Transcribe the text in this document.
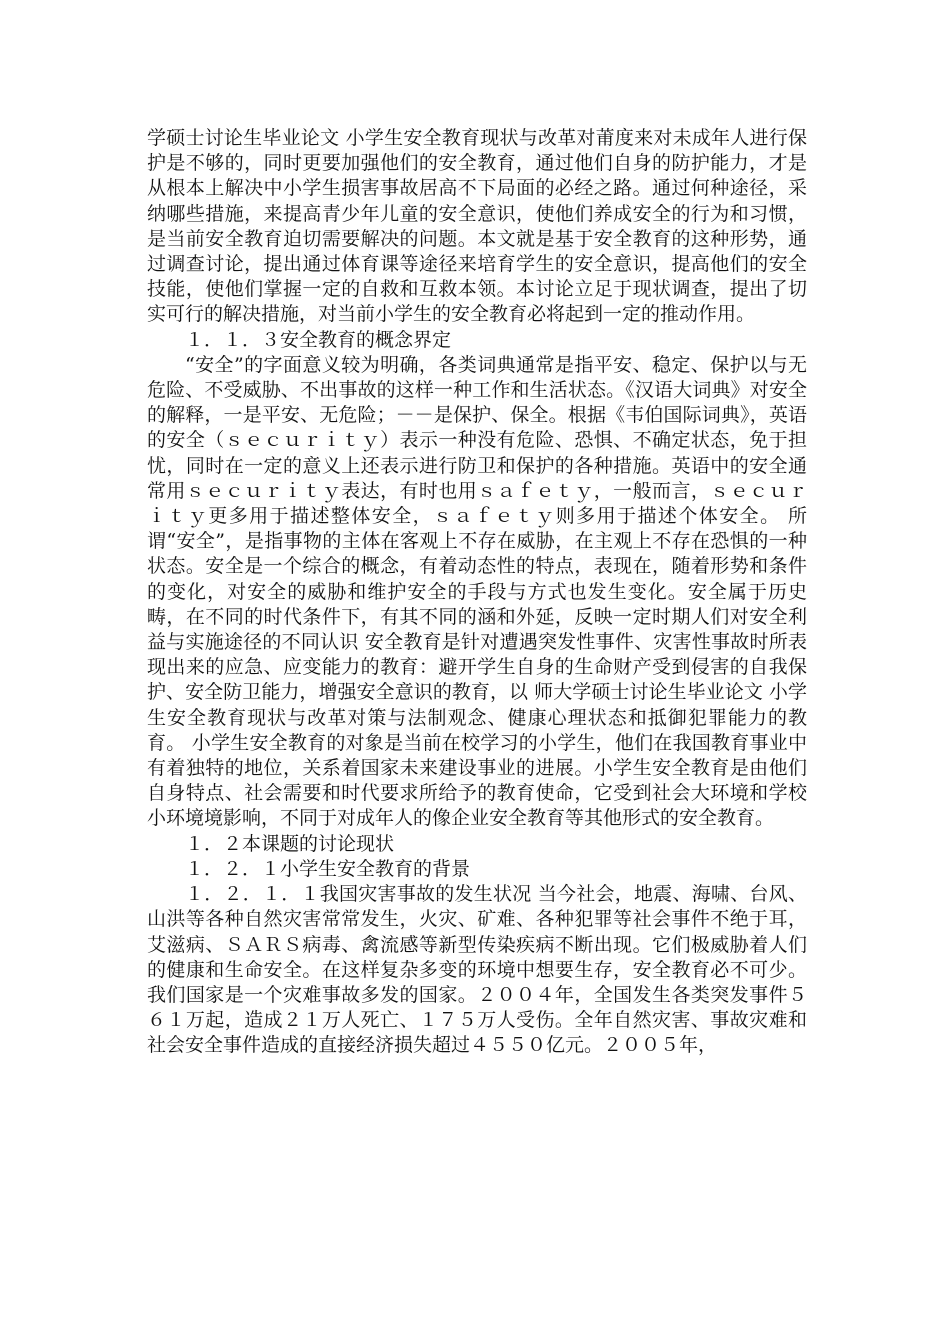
学硕士讨论生毕业论文 小学生安全教育现状与改革对莆度来对未成年人进行保护是不够的，同时更要加强他们的安全教育，通过他们自身的防护能力，才是从根本上解决中小学生损害事故居高不下局面的必经之路。通过何种途径，采纳哪些措施，来提高青少年儿童的安全意识，使他们养成安全的行为和习惯，是当前安全教育迫切需要解决的问题。本文就是基于安全教育的这种形势，通过调查讨论，提出通过体育课等途径来培育学生的安全意识，提高他们的安全技能，使他们掌握一定的自救和互救本领。本讨论立足于现状调查，提出了切实可行的解决措施，对当前小学生的安全教育必将起到一定的推动作用。

１．１．３安全教育的概念界定

“安全”的字面意义较为明确，各类词典通常是指平安、稳定、保护以与无危险、不受威胁、不出事故的这样一种工作和生活状态。《汉语大词典》对安全的解释，一是平安、无危险；－－是保护、保全。根据《韦伯国际词典》，英语的安全（ｓｅｃｕｒｉｔｙ）表示一种没有危险、恐惧、不确定状态，免于担忧，同时在一定的意义上还表示进行防卫和保护的各种措施。英语中的安全通常用ｓｅｃｕｒｉｔｙ表达，有时也用ｓａｆｅｔｙ，一般而言，ｓｅｃｕｒｉｔｙ更多用于描述整体安全，ｓａｆｅｔｙ则多用于描述个体安全。 所谓“安全”，是指事物的主体在客观上不存在威胁，在主观上不存在恐惧的一种状态。安全是一个综合的概念，有着动态性的特点，表现在，随着形势和条件的变化，对安全的威胁和维护安全的手段与方式也发生变化。安全属于历史畴，在不同的时代条件下，有其不同的涵和外延，反映一定时期人们对安全利益与实施途径的不同认识 安全教育是针对遭遇突发性事件、灾害性事故时所表现出来的应急、应变能力的教育：避开学生自身的生命财产受到侵害的自我保护、安全防卫能力，增强安全意识的教育，以 师大学硕士讨论生毕业论文 小学生安全教育现状与改革对策与法制观念、健康心理状态和抵御犯罪能力的教育。 小学生安全教育的对象是当前在校学习的小学生，他们在我国教育事业中有着独特的地位，关系着国家未来建设事业的进展。小学生安全教育是由他们自身特点、社会需要和时代要求所给予的教育使命，它受到社会大环境和学校小环境境影响，不同于对成年人的像企业安全教育等其他形式的安全教育。

１．２本课题的讨论现状

１．２．１小学生安全教育的背景

１．２．１．１我国灾害事故的发生状况 当今社会，地震、海啸、台风、山洪等各种自然灾害常常发生，火灾、矿难、各种犯罪等社会事件不绝于耳，艾滋病、ＳＡＲＳ病毒、禽流感等新型传染疾病不断出现。它们极威胁着人们的健康和生命安全。在这样复杂多变的环境中想要生存，安全教育必不可少。 我们国家是一个灾难事故多发的国家。２００４年，全国发生各类突发事件５６１万起，造成２１万人死亡、１７５万人受伤。全年自然灾害、事故灾难和社会安全事件造成的直接经济损失超过４５５０亿元。２００５年，
